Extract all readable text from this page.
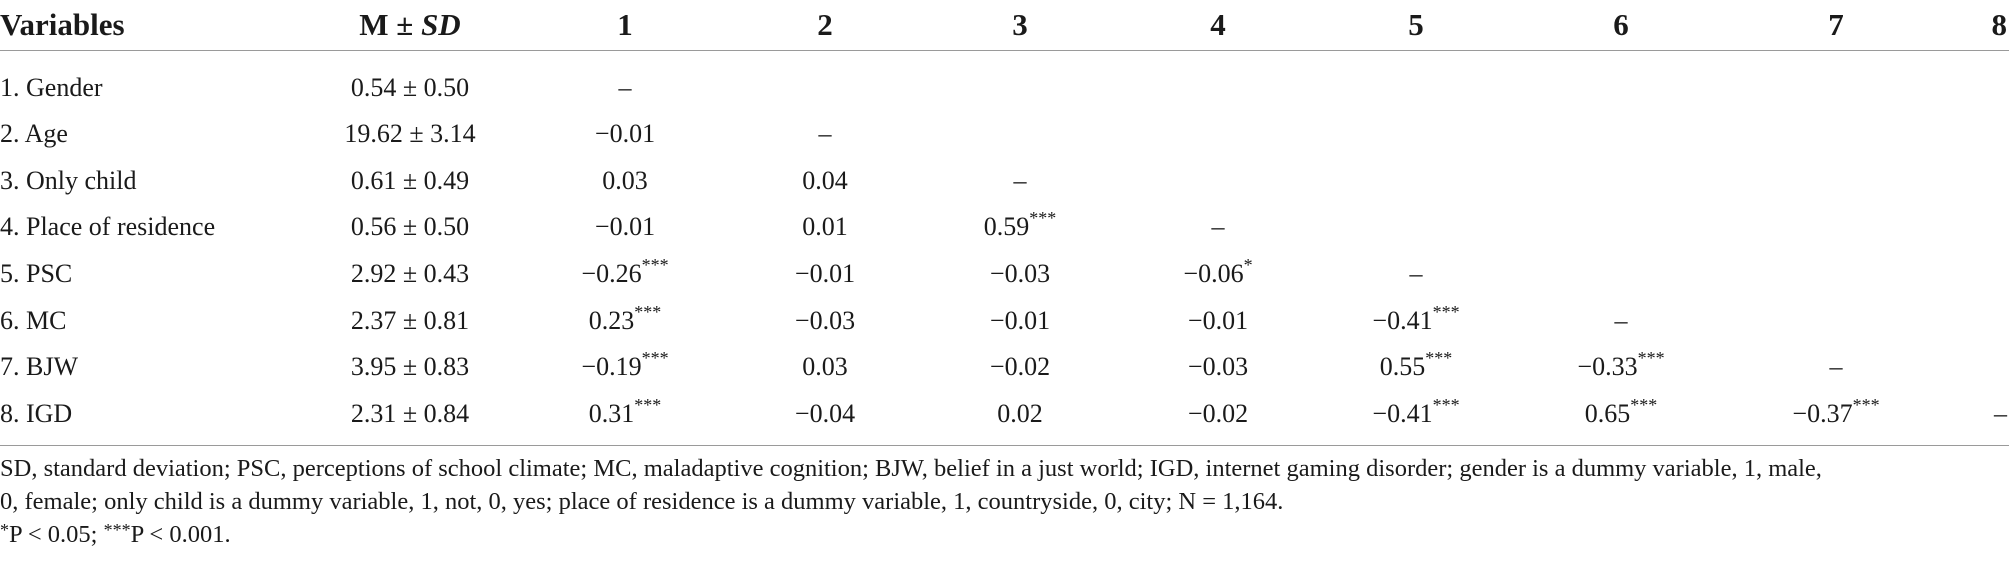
Variables	M ± SD	1	2	3	4	5	6	7	8
1. Gender	0.54 ± 0.50	–							
2. Age	19.62 ± 3.14	−0.01	–						
3. Only child	0.61 ± 0.49	0.03	0.04	–					
4. Place of residence	0.56 ± 0.50	−0.01	0.01	0.59***	–				
5. PSC	2.92 ± 0.43	−0.26***	−0.01	−0.03	−0.06*	–			
6. MC	2.37 ± 0.81	0.23***	−0.03	−0.01	−0.01	−0.41***	–		
7. BJW	3.95 ± 0.83	−0.19***	0.03	−0.02	−0.03	0.55***	−0.33***	–	
8. IGD	2.31 ± 0.84	0.31***	−0.04	0.02	−0.02	−0.41***	0.65***	−0.37***	–
SD, standard deviation; PSC, perceptions of school climate; MC, maladaptive cognition; BJW, belief in a just world; IGD, internet gaming disorder; gender is a dummy variable, 1, male,
0, female; only child is a dummy variable, 1, not, 0, yes; place of residence is a dummy variable, 1, countryside, 0, city; N = 1,164.
*P < 0.05; ***P < 0.001.
